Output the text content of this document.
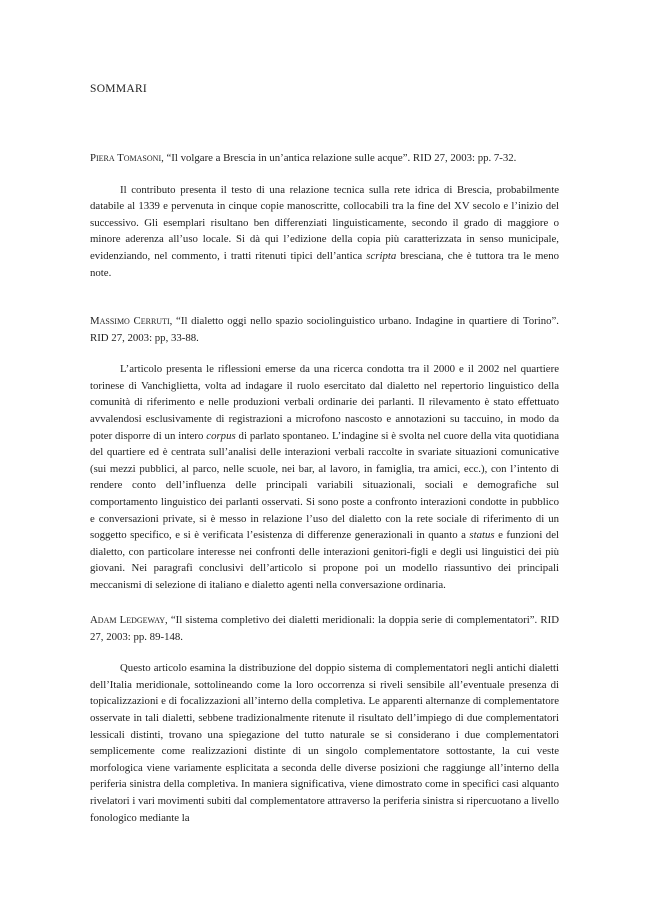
SOMMARI

Piera Tomasoni, “Il volgare a Brescia in un’antica relazione sulle acque”. RID 27, 2003: pp. 7-32.

Il contributo presenta il testo di una relazione tecnica sulla rete idrica di Brescia, probabilmente databile al 1339 e pervenuta in cinque copie manoscritte, collocabili tra la fine del XV secolo e l’inizio del successivo. Gli esemplari risultano ben differenziati linguisticamente, secondo il grado di maggiore o minore aderenza all’uso locale. Si dà qui l’edizione della copia più caratterizzata in senso municipale, evidenziando, nel commento, i tratti ritenuti tipici dell’antica scripta bresciana, che è tuttora tra le meno note.

Massimo Cerruti, “Il dialetto oggi nello spazio sociolinguistico urbano. Indagine in quartiere di Torino”. RID 27, 2003: pp, 33-88.

L’articolo presenta le riflessioni emerse da una ricerca condotta tra il 2000 e il 2002 nel quartiere torinese di Vanchiglietta, volta ad indagare il ruolo esercitato dal dialetto nel repertorio linguistico della comunità di riferimento e nelle produzioni verbali ordinarie dei parlanti. Il rilevamento è stato effettuato avvalendosi esclusivamente di registrazioni a microfono nascosto e annotazioni su taccuino, in modo da poter disporre di un intero corpus di parlato spontaneo. L’indagine si è svolta nel cuore della vita quotidiana del quartiere ed è centrata sull’analisi delle interazioni verbali raccolte in svariate situazioni comunicative (sui mezzi pubblici, al parco, nelle scuole, nei bar, al lavoro, in famiglia, tra amici, ecc.), con l’intento di rendere conto dell’influenza delle principali variabili situazionali, sociali e demografiche sul comportamento linguistico dei parlanti osservati. Si sono poste a confronto interazioni condotte in pubblico e conversazioni private, si è messo in relazione l’uso del dialetto con la rete sociale di riferimento di un soggetto specifico, e si è verificata l’esistenza di differenze generazionali in quanto a status e funzioni del dialetto, con particolare interesse nei confronti delle interazioni genitori-figli e degli usi linguistici dei più giovani. Nei paragrafi conclusivi dell’articolo si propone poi un modello riassuntivo dei principali meccanismi di selezione di italiano e dialetto agenti nella conversazione ordinaria.

Adam Ledgeway, “Il sistema completivo dei dialetti meridionali: la doppia serie di complementatori”. RID 27, 2003: pp. 89-148.

Questo articolo esamina la distribuzione del doppio sistema di complementatori negli antichi dialetti dell’Italia meridionale, sottolineando come la loro occorrenza si riveli sensibile all’eventuale presenza di topicalizzazioni e di focalizzazioni all’interno della completiva. Le apparenti alternanze di complementatore osservate in tali dialetti, sebbene tradizionalmente ritenute il risultato dell’impiego di due complementatori lessicali distinti, trovano una spiegazione del tutto naturale se si considerano i due complementatori semplicemente come realizzazioni distinte di un singolo complementatore sottostante, la cui veste morfologica viene variamente esplicitata a seconda delle diverse posizioni che raggiunge all’interno della periferia sinistra della completiva. In maniera significativa, viene dimostrato come in specifici casi alquanto rivelatori i vari movimenti subiti dal complementatore attraverso la periferia sinistra si ripercuotano a livello fonologico mediante la
